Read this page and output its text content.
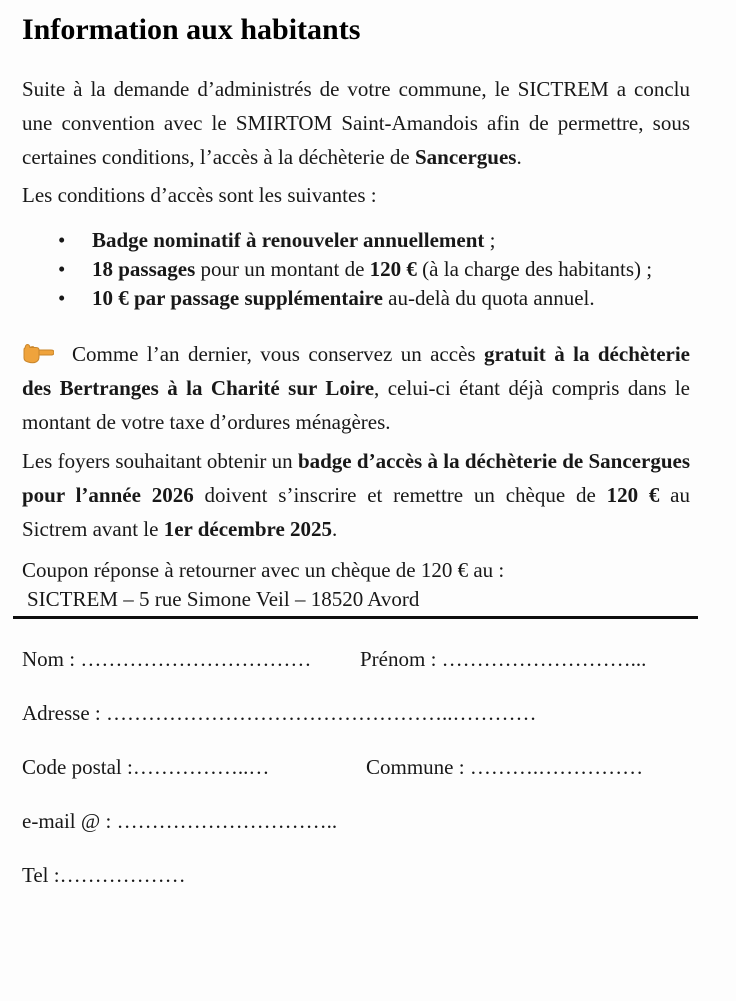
Information aux habitants

Suite à la demande d’administrés de votre commune, le SICTREM a conclu une convention avec le SMIRTOM Saint-Amandois afin de permettre, sous certaines conditions, l’accès à la déchèterie de Sancergues.

Les conditions d’accès sont les suivantes :

•	Badge nominatif à renouveler annuellement ;
•	18 passages pour un montant de 120 € (à la charge des habitants) ;
•	10 € par passage supplémentaire au-delà du quota annuel.

Comme l’an dernier, vous conservez un accès gratuit à la déchèterie des Bertranges à la Charité sur Loire, celui-ci étant déjà compris dans le montant de votre taxe d’ordures ménagères.

Les foyers souhaitant obtenir un badge d’accès à la déchèterie de Sancergues pour l’année 2026 doivent s’inscrire et remettre un chèque de 120 € au Sictrem avant le 1er décembre 2025.

Coupon réponse à retourner avec un chèque de 120 € au :

SICTREM – 5 rue Simone Veil – 18520 Avord

Nom : …………………………… Prénom : ………………………...
Adresse : …………………………………………..…………
Code postal :……………..…	Commune : ……….……………
e-mail @ : …………………………..
Tel :………………
